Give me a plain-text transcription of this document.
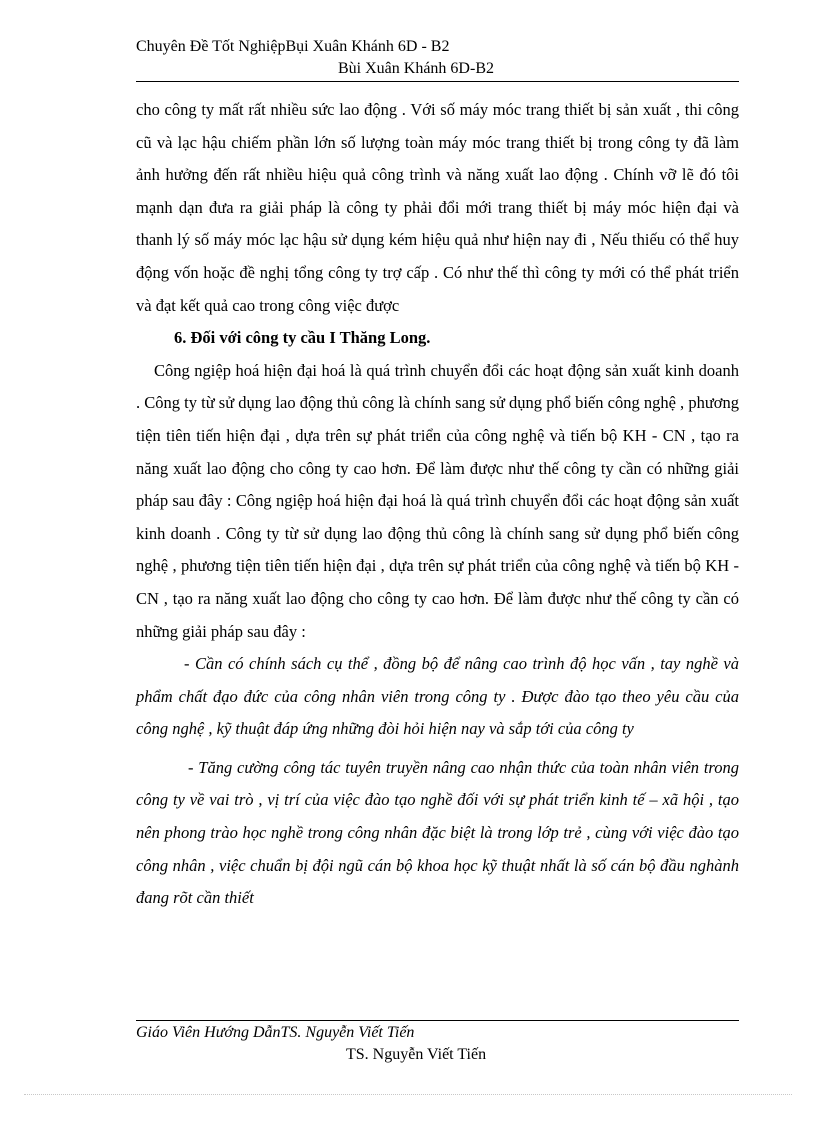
Chuyên Đề Tốt NghiệpBụi Xuân Khánh 6D - B2
Bùi Xuân Khánh 6D-B2

cho công ty mất rất nhiều sức lao động . Với số máy móc trang thiết bị sản xuất , thi công cũ và lạc hậu chiếm phần lớn số lượng toàn máy móc trang thiết bị trong công ty đã làm ảnh hưởng đến rất nhiều hiệu quả công trình và năng xuất lao động . Chính vỡ lẽ đó tôi mạnh dạn đưa ra giải pháp là công ty phải đổi mới trang thiết bị máy móc hiện đại và thanh lý số máy móc lạc hậu sử dụng kém hiệu quả như hiện nay đi , Nếu thiếu có thể huy động vốn hoặc đề nghị tổng công ty trợ cấp . Có như thế thì công ty mới có thể phát triển và đạt kết quả cao trong công việc được

6. Đối với công ty cầu I Thăng Long.

Công ngiệp hoá hiện đại hoá là quá trình chuyển đổi các hoạt động sản xuất kinh doanh . Công ty từ sử dụng lao động thủ công là chính sang sử dụng phổ biến công nghệ , phương tiện tiên tiến hiện đại , dựa trên sự phát triển của công nghệ và tiến bộ KH - CN , tạo ra năng xuất lao động cho công ty cao hơn. Để làm được như thế công ty cần có những giải pháp sau đây : Công ngiệp hoá hiện đại hoá là quá trình chuyển đổi các hoạt động sản xuất kinh doanh . Công ty từ sử dụng lao động thủ công là chính sang sử dụng phổ biến công nghệ , phương tiện tiên tiến hiện đại , dựa trên sự phát triển của công nghệ và tiến bộ KH - CN , tạo ra năng xuất lao động cho công ty cao hơn. Để làm được như thế công ty cần có những giải pháp sau đây :

- Cần có chính sách cụ thể , đồng bộ để nâng cao trình độ học vấn , tay nghề và phẩm chất đạo đức của công nhân viên trong công ty . Được đào tạo theo yêu cầu của công nghệ , kỹ thuật đáp ứng những đòi hỏi hiện nay và sắp tới của công ty

- Tăng cường công tác tuyên truyền nâng cao nhận thức của toàn nhân viên trong công ty về vai trò , vị trí của việc đào tạo nghề đối với sự phát triển kinh tế – xã hội , tạo nên phong trào học nghề trong công nhân đặc biệt là trong lớp trẻ , cùng với việc đào tạo công nhân , việc chuẩn bị đội ngũ cán bộ khoa học kỹ thuật nhất là số cán bộ đầu nghành đang rõt cần thiết

Giáo Viên Hướng DẫnTS. Nguyễn Viết Tiến
TS. Nguyễn Viết Tiến
